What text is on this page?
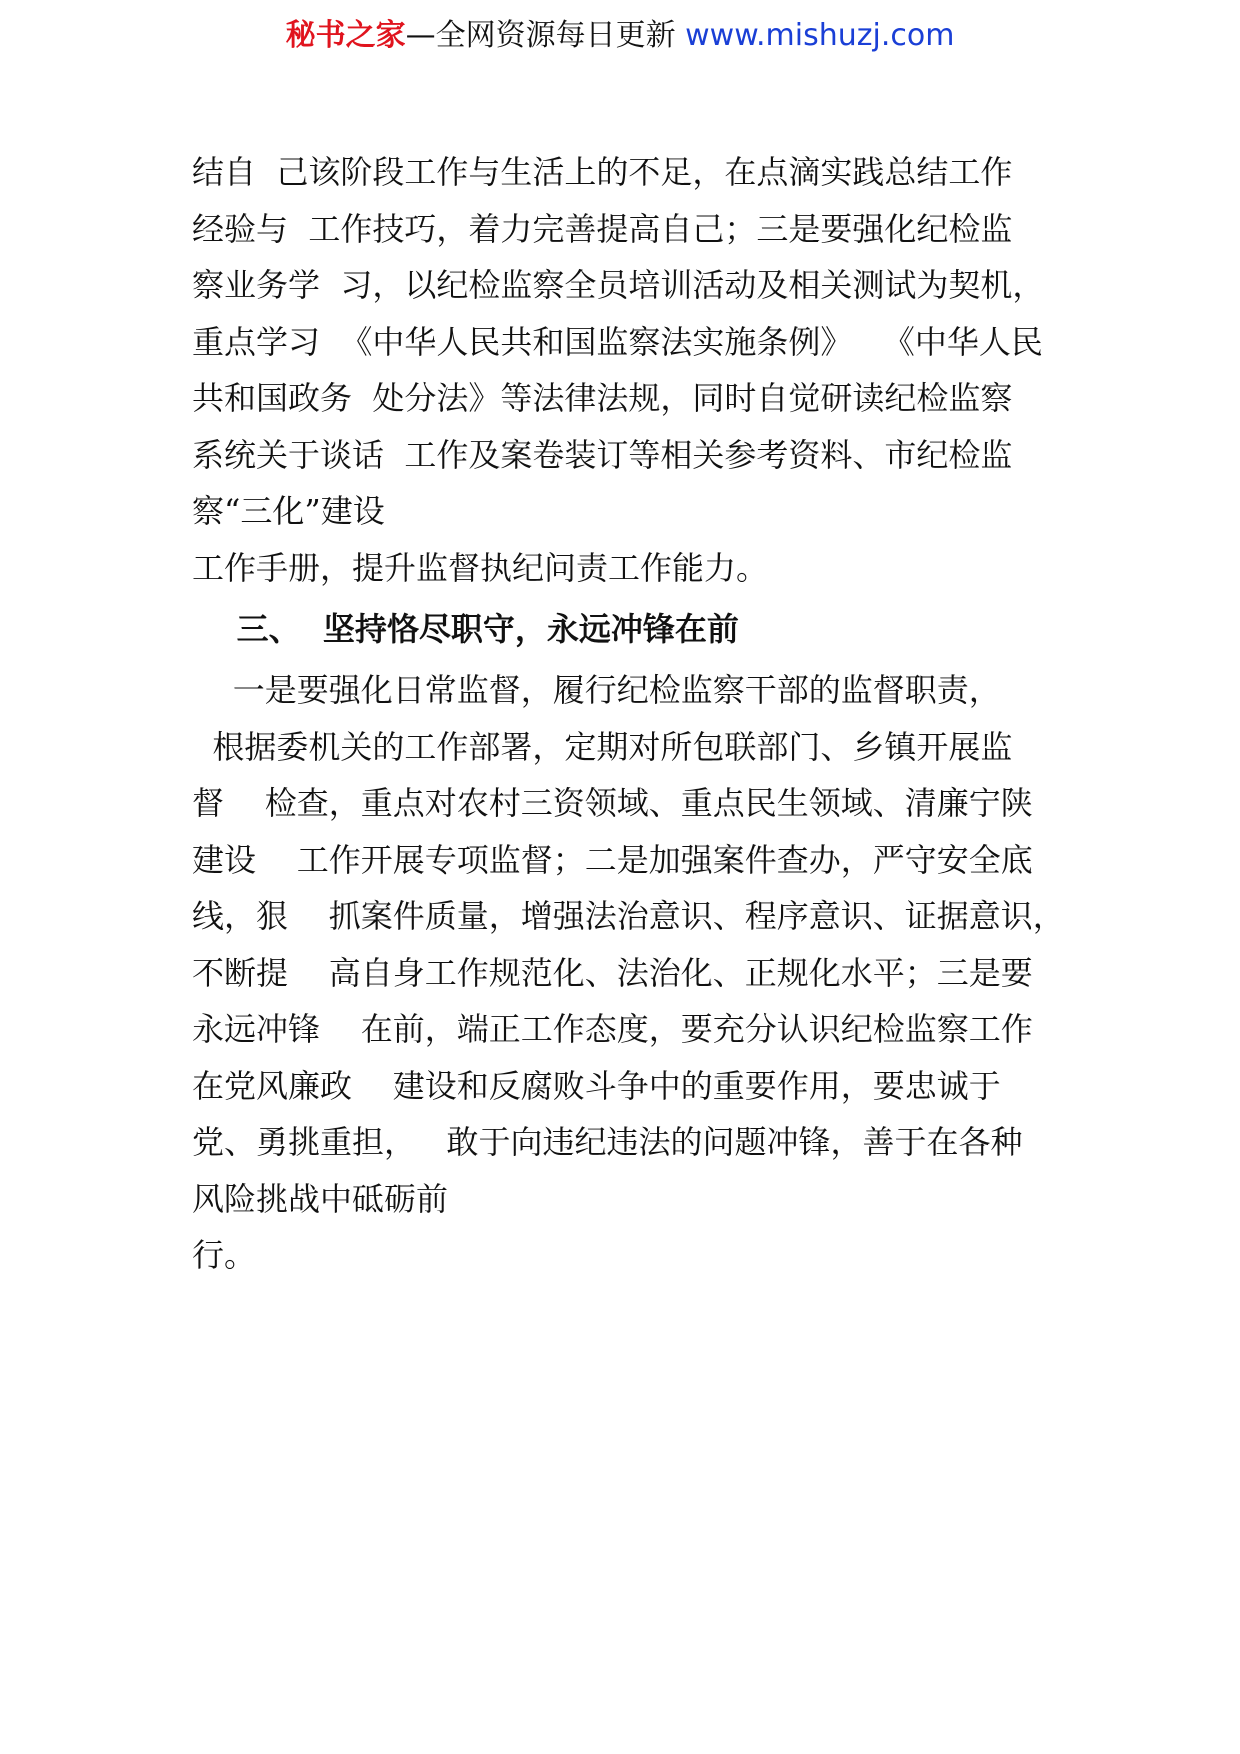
秘书之家—全网资源每日更新 www.mishuzj.com
结自  己该阶段工作与生活上的不足，在点滴实践总结工作
经验与  工作技巧，着力完善提高自己；三是要强化纪检监
察业务学  习，以纪检监察全员培训活动及相关测试为契机，
重点学习  《中华人民共和国监察法实施条例》   《中华人民
共和国政务  处分法》等法律法规，同时自觉研读纪检监察
系统关于谈话  工作及案卷装订等相关参考资料、市纪检监
察“三化”建设
工作手册，提升监督执纪问责工作能力。
三、  坚持恪尽职守，永远冲锋在前
一是要强化日常监督，履行纪检监察干部的监督职责，
根据委机关的工作部署，定期对所包联部门、乡镇开展监
督    检查，重点对农村三资领域、重点民生领域、清廉宁陕
建设    工作开展专项监督；二是加强案件查办，严守安全底
线，狠    抓案件质量，增强法治意识、程序意识、证据意识，
不断提    高自身工作规范化、法治化、正规化水平；三是要
永远冲锋    在前，端正工作态度，要充分认识纪检监察工作
在党风廉政    建设和反腐败斗争中的重要作用，要忠诚于
党、勇挑重担，   敢于向违纪违法的问题冲锋，善于在各种
风险挑战中砥砺前
行。
